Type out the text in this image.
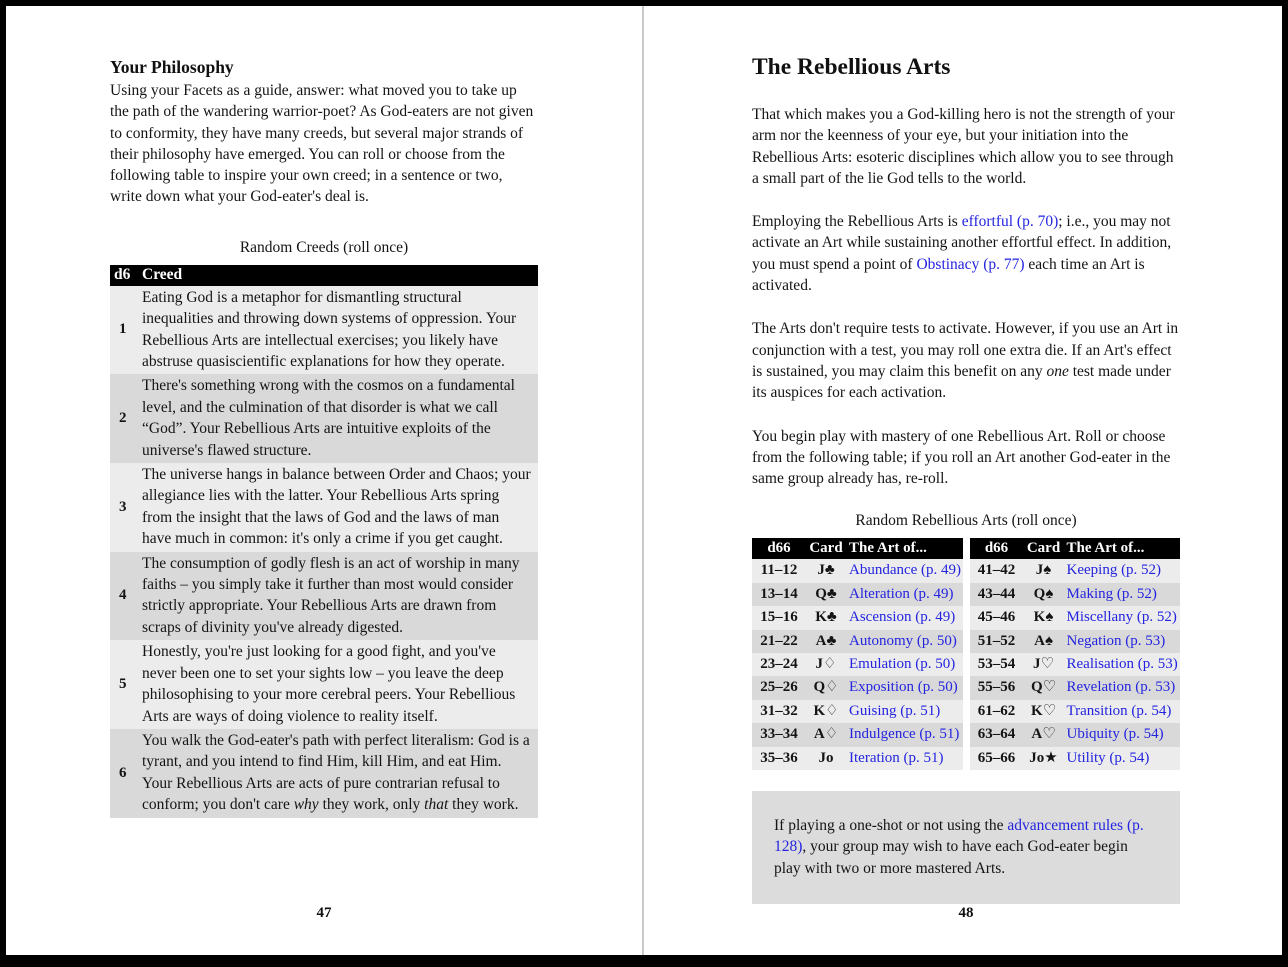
Your Philosophy

Using your Facets as a guide, answer: what moved you to take up the path of the wandering warrior-poet? As God-eaters are not given to conformity, they have many creeds, but several major strands of their philosophy have emerged. You can roll or choose from the following table to inspire your own creed; in a sentence or two, write down what your God-eater's deal is.

Random Creeds (roll once)
d6	Creed
1	Eating God is a metaphor for dismantling structural inequalities and throwing down systems of oppression. Your Rebellious Arts are intellectual exercises; you likely have abstruse quasiscientific explanations for how they operate.
2	There's something wrong with the cosmos on a fundamental level, and the culmination of that disorder is what we call “God”. Your Rebellious Arts are intuitive exploits of the universe's flawed structure.
3	The universe hangs in balance between Order and Chaos; your allegiance lies with the latter. Your Rebellious Arts spring from the insight that the laws of God and the laws of man have much in common: it's only a crime if you get caught.
4	The consumption of godly flesh is an act of worship in many faiths – you simply take it further than most would consider strictly appropriate. Your Rebellious Arts are drawn from scraps of divinity you've already digested.
5	Honestly, you're just looking for a good fight, and you've never been one to set your sights low – you leave the deep philosophising to your more cerebral peers. Your Rebellious Arts are ways of doing violence to reality itself.
6	You walk the God-eater's path with perfect literalism: God is a tyrant, and you intend to find Him, kill Him, and eat Him. Your Rebellious Arts are acts of pure contrarian refusal to conform; you don't care why they work, only that they work.
47
The Rebellious Arts

That which makes you a God-killing hero is not the strength of your arm nor the keenness of your eye, but your initiation into the Rebellious Arts: esoteric disciplines which allow you to see through a small part of the lie God tells to the world.

Employing the Rebellious Arts is effortful (p. 70); i.e., you may not activate an Art while sustaining another effortful effect. In addition, you must spend a point of Obstinacy (p. 77) each time an Art is activated.

The Arts don't require tests to activate. However, if you use an Art in conjunction with a test, you may roll one extra die. If an Art's effect is sustained, you may claim this benefit on any one test made under its auspices for each activation.

You begin play with mastery of one Rebellious Art. Roll or choose from the following table; if you roll an Art another God-eater in the same group already has, re-roll.

Random Rebellious Arts (roll once)
d66	Card	The Art of...
11–12	J♣	Abundance (p. 49)
13–14	Q♣	Alteration (p. 49)
15–16	K♣	Ascension (p. 49)
21–22	A♣	Autonomy (p. 50)
23–24	J♢	Emulation (p. 50)
25–26	Q♢	Exposition (p. 50)
31–32	K♢	Guising (p. 51)
33–34	A♢	Indulgence (p. 51)
35–36	Jo	Iteration (p. 51)
d66	Card	The Art of...
41–42	J♠	Keeping (p. 52)
43–44	Q♠	Making (p. 52)
45–46	K♠	Miscellany (p. 52)
51–52	A♠	Negation (p. 53)
53–54	J♡	Realisation (p. 53)
55–56	Q♡	Revelation (p. 53)
61–62	K♡	Transition (p. 54)
63–64	A♡	Ubiquity (p. 54)
65–66	Jo★	Utility (p. 54)
If playing a one-shot or not using the advancement rules (p. 128), your group may wish to have each God-eater begin play with two or more mastered Arts.
48
